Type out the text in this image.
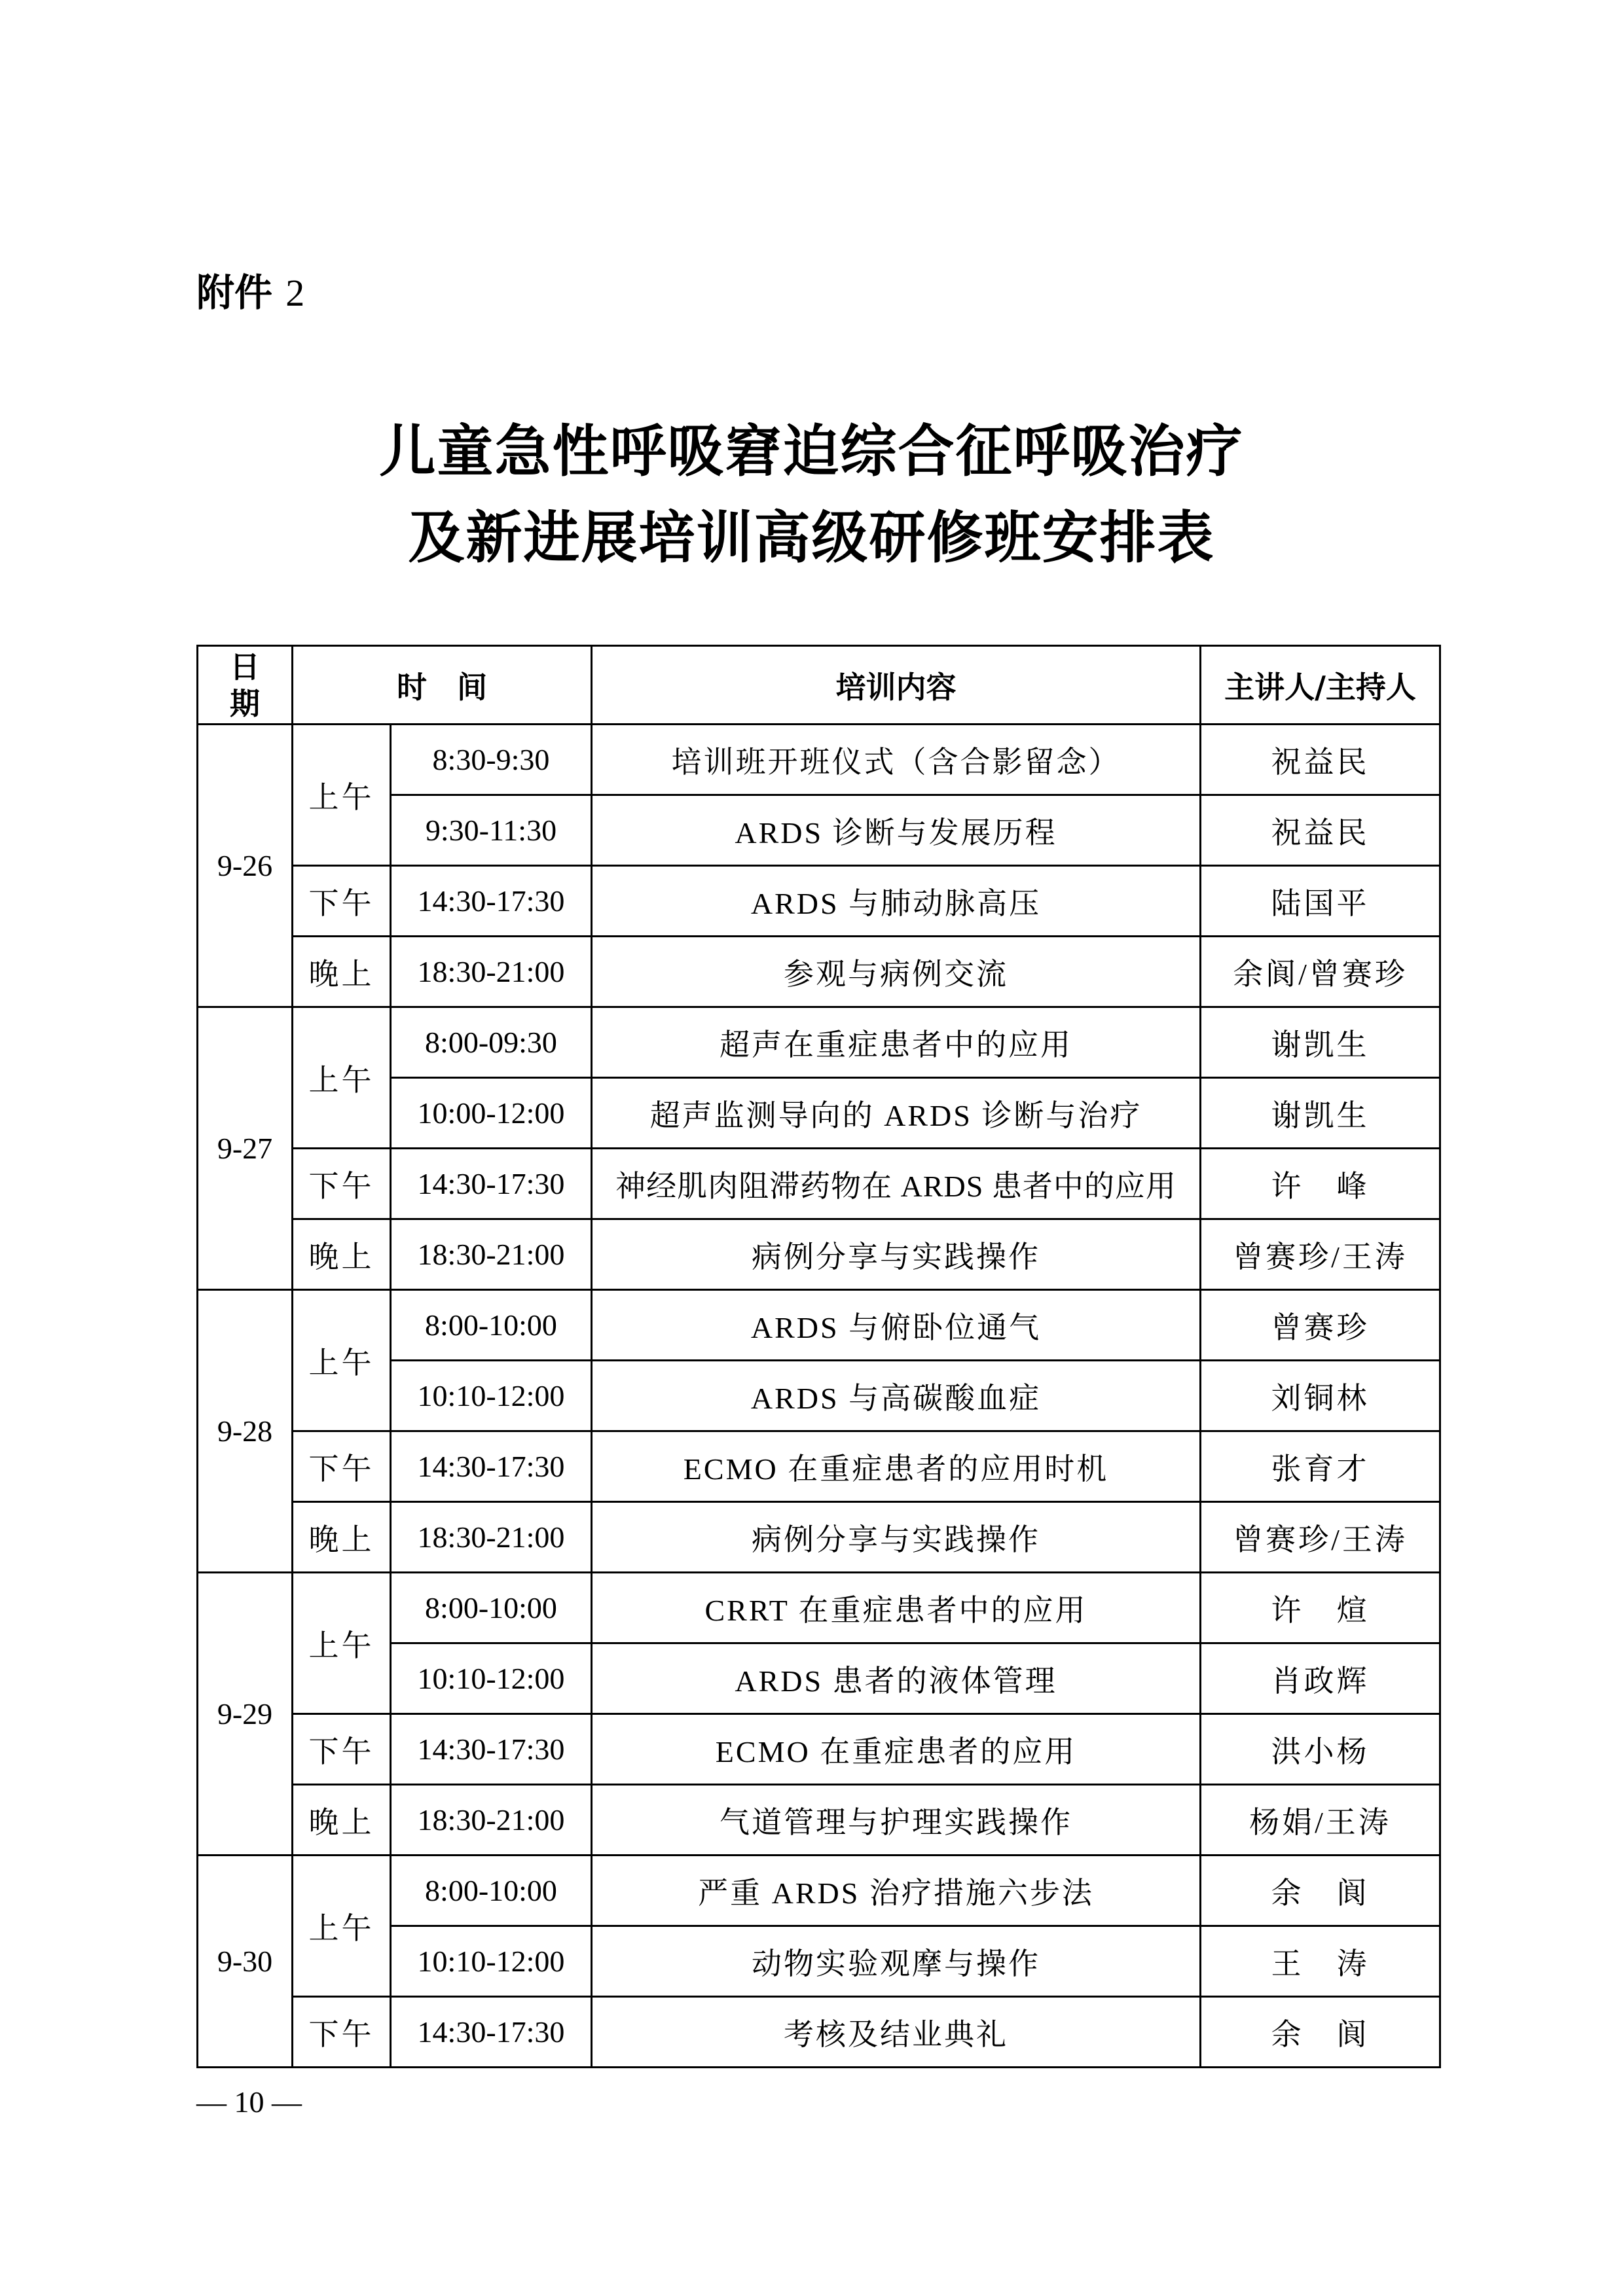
附件 2
儿童急性呼吸窘迫综合征呼吸治疗
及新进展培训高级研修班安排表
日
期	时　间		培训内容	主讲人/主持人
9-26	上午	8:30-9:30	培训班开班仪式（含合影留念）	祝益民
		9:30-11:30	ARDS 诊断与发展历程	祝益民
	下午	14:30-17:30	ARDS 与肺动脉高压	陆国平
	晚上	18:30-21:00	参观与病例交流	余阆/曾赛珍
9-27	上午	8:00-09:30	超声在重症患者中的应用	谢凯生
		10:00-12:00	超声监测导向的 ARDS 诊断与治疗	谢凯生
	下午	14:30-17:30	神经肌肉阻滞药物在 ARDS 患者中的应用	许　峰
	晚上	18:30-21:00	病例分享与实践操作	曾赛珍/王涛
9-28	上午	8:00-10:00	ARDS 与俯卧位通气	曾赛珍
		10:10-12:00	ARDS 与高碳酸血症	刘铜林
	下午	14:30-17:30	ECMO 在重症患者的应用时机	张育才
	晚上	18:30-21:00	病例分享与实践操作	曾赛珍/王涛
9-29	上午	8:00-10:00	CRRT 在重症患者中的应用	许　煊
		10:10-12:00	ARDS 患者的液体管理	肖政辉
	下午	14:30-17:30	ECMO 在重症患者的应用	洪小杨
	晚上	18:30-21:00	气道管理与护理实践操作	杨娟/王涛
9-30	上午	8:00-10:00	严重 ARDS 治疗措施六步法	余　阆
		10:10-12:00	动物实验观摩与操作	王　涛
	下午	14:30-17:30	考核及结业典礼	余　阆
— 10 —
